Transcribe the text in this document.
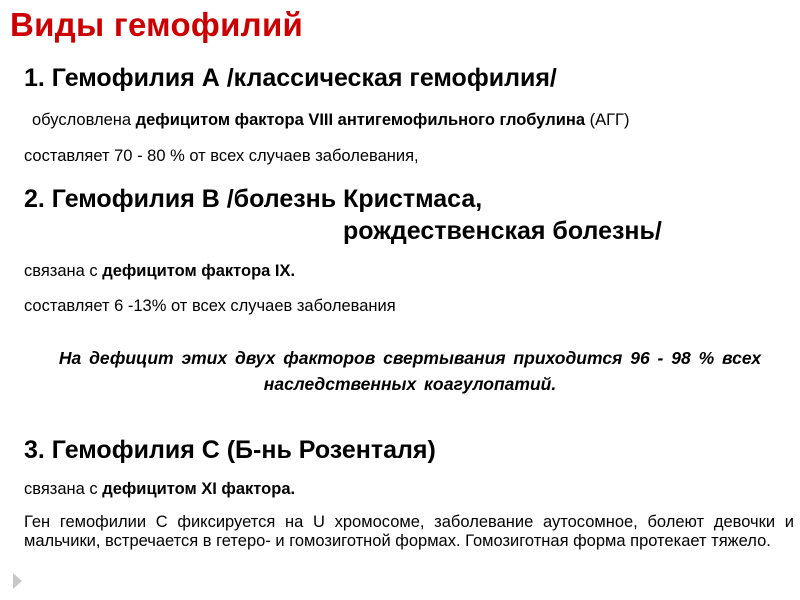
Виды гемофилий
1. Гемофилия А /классическая гемофилия/
обусловлена дефицитом фактора VIII антигемофильного глобулина (АГГ)
составляет 70 - 80 % от всех случаев заболевания,
2. Гемофилия В /болезнь Кристмаса,
рождественская болезнь/
связана с дефицитом фактора IX.
составляет 6 -13% от всех случаев заболевания
На дефицит этих двух факторов свертывания приходится 96 - 98 % всех наследственных коагулопатий.
3. Гемофилия С (Б-нь Розенталя)
связана с дефицитом XI фактора.
Ген гемофилии С фиксируется на U хромосоме, заболевание аутосомное, болеют девочки и мальчики, встречается в гетеро- и гомозиготной формах. Гомозиготная форма протекает тяжело.
